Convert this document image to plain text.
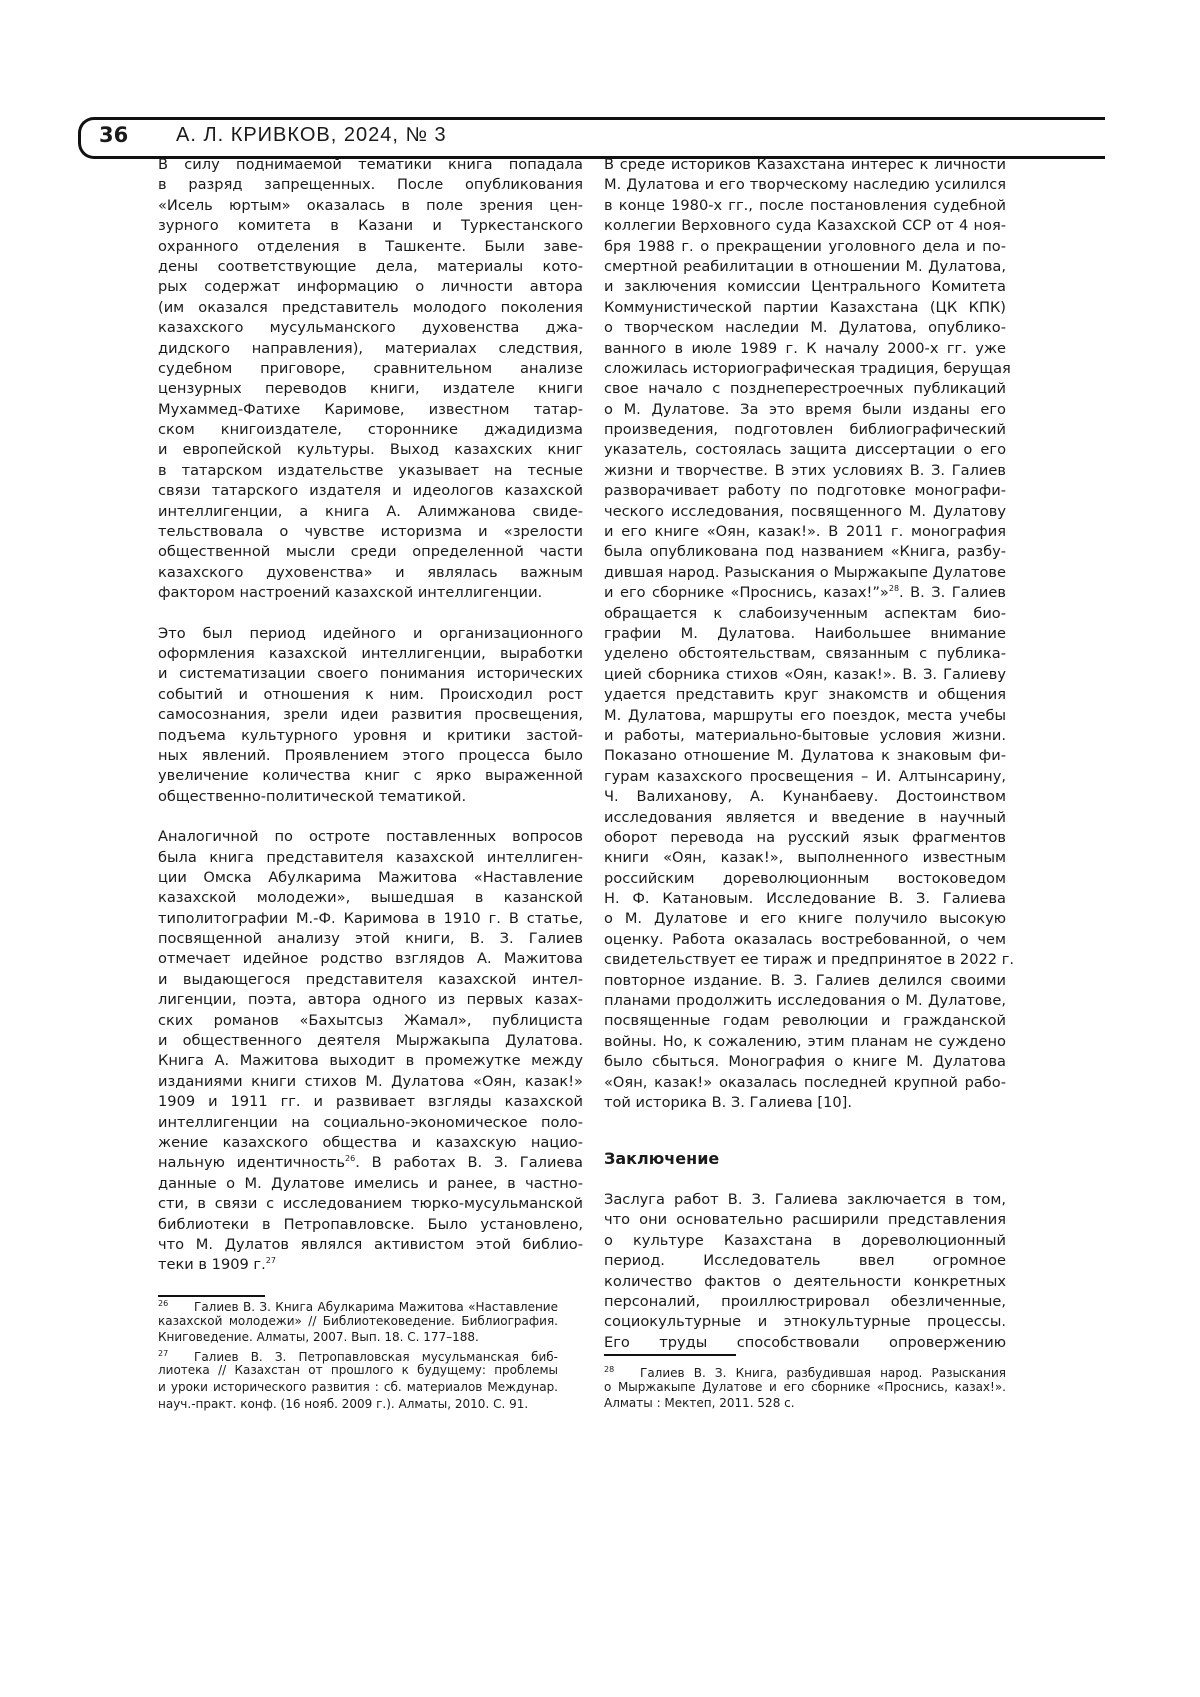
36 А. Л. КРИВКОВ, 2024, № 3
В силу поднимаемой тематики книга попадала
в разряд запрещенных. После опубликования
«Исель юртым» оказалась в поле зрения цен-
зурного комитета в Казани и Туркестанского
охранного отделения в Ташкенте. Были заве-
дены соответствующие дела, материалы кото-
рых содержат информацию о личности автора
(им оказался представитель молодого поколения
казахского мусульманского духовенства джа-
дидского направления), материалах следствия,
судебном приговоре, сравнительном анализе
цензурных переводов книги, издателе книги
Мухаммед-Фатихе Каримове, известном татар-
ском книгоиздателе, стороннике джадидизма
и европейской культуры. Выход казахских книг
в татарском издательстве указывает на тесные
связи татарского издателя и идеологов казахской
интеллигенции, а книга А. Алимжанова свиде-
тельствовала о чувстве историзма и «зрелости
общественной мысли среди определенной части
казахского духовенства» и являлась важным
фактором настроений казахской интеллигенции.
Это был период идейного и организационного
оформления казахской интеллигенции, выработки
и систематизации своего понимания исторических
событий и отношения к ним. Происходил рост
самосознания, зрели идеи развития просвещения,
подъема культурного уровня и критики застой-
ных явлений. Проявлением этого процесса было
увеличение количества книг с ярко выраженной
общественно-политической тематикой.
Аналогичной по остроте поставленных вопросов
была книга представителя казахской интеллиген-
ции Омска Абулкарима Мажитова «Наставление
казахской молодежи», вышедшая в казанской
типолитографии М.-Ф. Каримова в 1910 г. В статье,
посвященной анализу этой книги, В. З. Галиев
отмечает идейное родство взглядов А. Мажитова
и выдающегося представителя казахской интел-
лигенции, поэта, автора одного из первых казах-
ских романов «Бахытсыз Жамал», публициста
и общественного деятеля Мыржакыпа Дулатова.
Книга А. Мажитова выходит в промежутке между
изданиями книги стихов М. Дулатова «Оян, казак!»
1909 и 1911 гг. и развивает взгляды казахской
интеллигенции на социально-экономическое поло-
жение казахского общества и казахскую нацио-
нальную идентичность26. В работах В. З. Галиева
данные о М. Дулатове имелись и ранее, в частно-
сти, в связи с исследованием тюрко-мусульманской
библиотеки в Петропавловске. Было установлено,
что М. Дулатов являлся активистом этой библио-
теки в 1909 г.27
В среде историков Казахстана интерес к личности
М. Дулатова и его творческому наследию усилился
в конце 1980-х гг., после постановления судебной
коллегии Верховного суда Казахской ССР от 4 ноя-
бря 1988 г. о прекращении уголовного дела и по-
смертной реабилитации в отношении М. Дулатова,
и заключения комиссии Центрального Комитета
Коммунистической партии Казахстана (ЦК КПК)
о творческом наследии М. Дулатова, опублико-
ванного в июле 1989 г. К началу 2000-х гг. уже
сложилась историографическая традиция, берущая
свое начало с позднеперестроечных публикаций
о М. Дулатове. За это время были изданы его
произведения, подготовлен библиографический
указатель, состоялась защита диссертации о его
жизни и творчестве. В этих условиях В. З. Галиев
разворачивает работу по подготовке монографи-
ческого исследования, посвященного М. Дулатову
и его книге «Оян, казак!». В 2011 г. монография
была опубликована под названием «Книга, разбу-
дившая народ. Разыскания о Мыржакыпе Дулатове
и его сборнике «Проснись, казах!”»28. В. З. Галиев
обращается к слабоизученным аспектам био-
графии М. Дулатова. Наибольшее внимание
уделено обстоятельствам, связанным с публика-
цией сборника стихов «Оян, казак!». В. З. Галиеву
удается представить круг знакомств и общения
М. Дулатова, маршруты его поездок, места учебы
и работы, материально-бытовые условия жизни.
Показано отношение М. Дулатова к знаковым фи-
гурам казахского просвещения – И. Алтынсарину,
Ч. Валиханову, А. Кунанбаеву. Достоинством
исследования является и введение в научный
оборот перевода на русский язык фрагментов
книги «Оян, казак!», выполненного известным
российским дореволюционным востоковедом
Н. Ф. Катановым. Исследование В. З. Галиева
о М. Дулатове и его книге получило высокую
оценку. Работа оказалась востребованной, о чем
свидетельствует ее тираж и предпринятое в 2022 г.
повторное издание. В. З. Галиев делился своими
планами продолжить исследования о М. Дулатове,
посвященные годам революции и гражданской
войны. Но, к сожалению, этим планам не суждено
было сбыться. Монография о книге М. Дулатова
«Оян, казак!» оказалась последней крупной рабо-
той историка В. З. Галиева [10].
Заключение
Заслуга работ В. З. Галиева заключается в том,
что они основательно расширили представления
о культуре Казахстана в дореволюционный
период. Исследователь ввел огромное
количество фактов о деятельности конкретных
персоналий, проиллюстрировал обезличенные,
социокультурные и этнокультурные процессы.
Его труды способствовали опровержению
26 Галиев В. З. Книга Абулкарима Мажитова «Наставление
казахской молодежи» // Библиотековедение. Библиография.
Книговедение. Алматы, 2007. Вып. 18. С. 177–188.
27 Галиев В. З. Петропавловская мусульманская биб-
лиотека // Казахстан от прошлого к будущему: проблемы
и уроки исторического развития : сб. материалов Междунар.
науч.-практ. конф. (16 нояб. 2009 г.). Алматы, 2010. С. 91.
28 Галиев В. З. Книга, разбудившая народ. Разыскания
о Мыржакыпе Дулатове и его сборнике «Проснись, казах!».
Алматы : Мектеп, 2011. 528 с.
